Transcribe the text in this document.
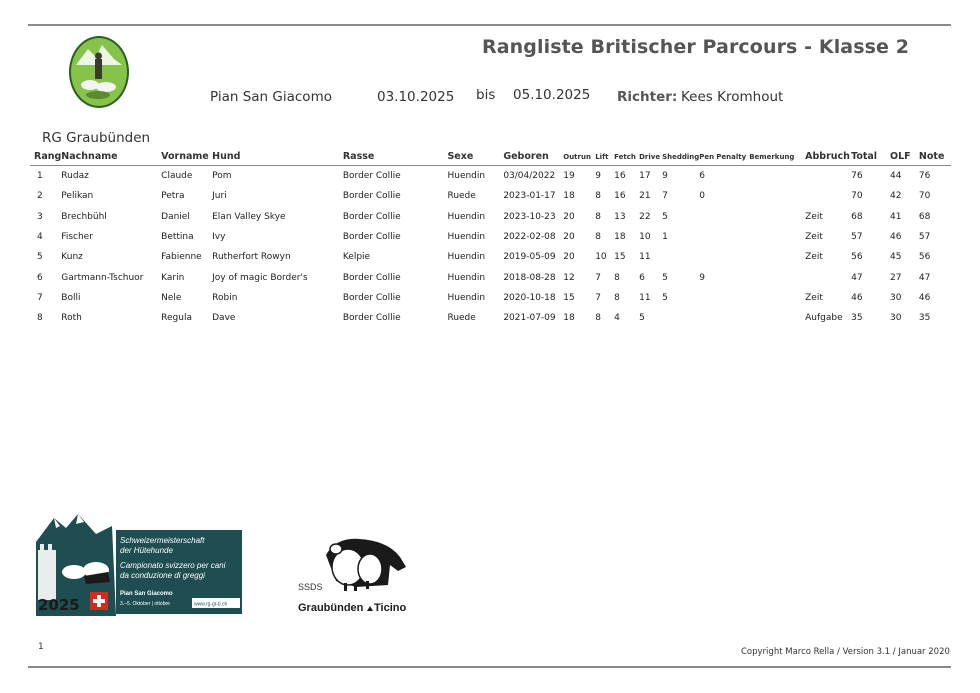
Rangliste Britischer Parcours - Klasse 2
Pian San Giacomo	03.10.2025 bis 05.10.2025 Richter: Kees Kromhout
RG Graubünden
Rang	Nachname	Vorname	Hund	Rasse	Sexe	Geboren	Outrun	Lift	Fetch	Drive	Shedding	Pen	Penalty	Bemerkung	Abbruch	Total	OLF	Note
1	Rudaz	Claude	Pom	Border Collie	Huendin	03/04/2022	19	9	16	17	9	6				76	44	76
2	Pelikan	Petra	Juri	Border Collie	Ruede	2023-01-17	18	8	16	21	7	0				70	42	70
3	Brechbühl	Daniel	Elan Valley Skye	Border Collie	Huendin	2023-10-23	20	8	13	22	5				Zeit	68	41	68
4	Fischer	Bettina	Ivy	Border Collie	Huendin	2022-02-08	20	8	18	10	1				Zeit	57	46	57
5	Kunz	Fabienne	Rutherfort Rowyn	Kelpie	Huendin	2019-05-09	20	10	15	11					Zeit	56	45	56
6	Gartmann-Tschuor	Karin	Joy of magic Border's	Border Collie	Huendin	2018-08-28	12	7	8	6	5	9				47	27	47
7	Bolli	Nele	Robin	Border Collie	Huendin	2020-10-18	15	7	8	11	5				Zeit	46	30	46
8	Roth	Regula	Dave	Border Collie	Ruede	2021-07-09	18	8	4	5					Aufgabe	35	30	35
Schweizermeisterschaft
der Hütehunde
Campionato svizzero per cani
da conduzione di greggi
Pian San Giacomo
3.–5. Oktober | ottobre	www.rg-gr-ti.ch
2025
SSDS
Graubünden Ticino
1	Copyright Marco Rella / Version 3.1 / Januar 2020
